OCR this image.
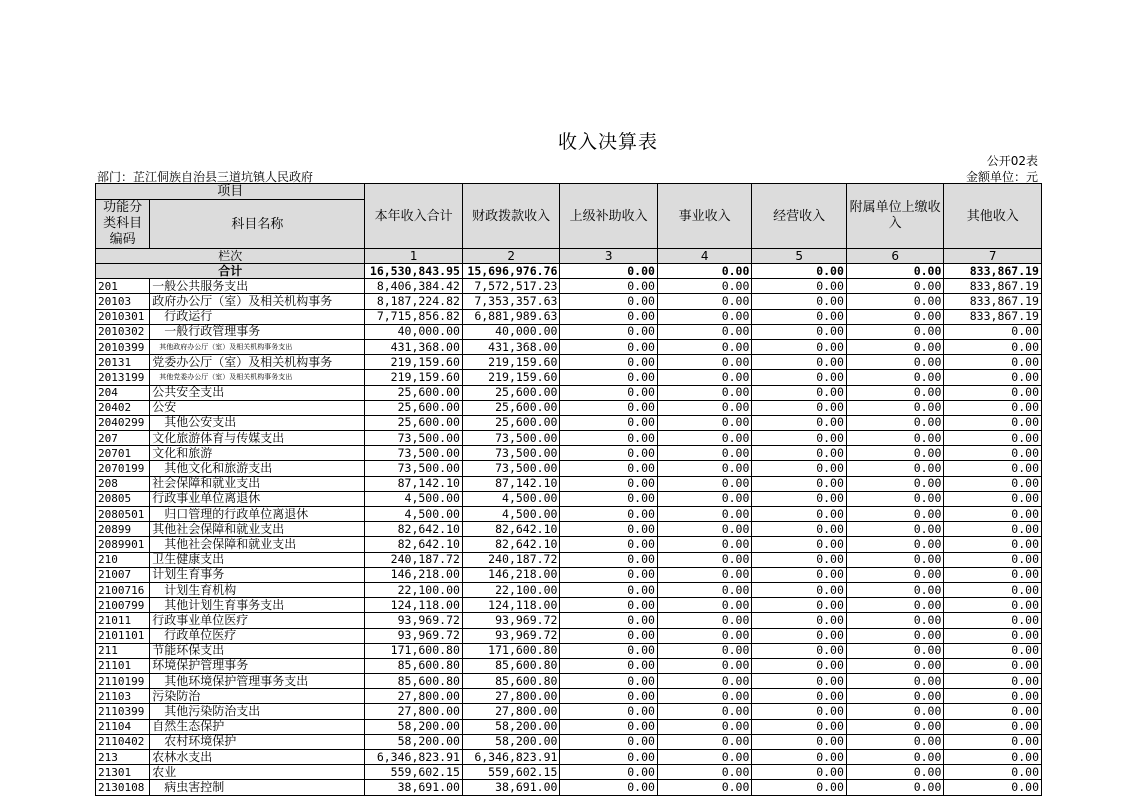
收入决算表
公开02表
部门：芷江侗族自治县三道坑镇人民政府	金额单位：元
项目		本年收入合计	财政拨款收入	上级补助收入	事业收入	经营收入	附属单位上缴收入	其他收入
功能分类科目编码	科目名称							
栏次		1	2	3	4	5	6	7
合计		16,530,843.95	15,696,976.76	0.00	0.00	0.00	0.00	833,867.19
201	一般公共服务支出	8,406,384.42	7,572,517.23	0.00	0.00	0.00	0.00	833,867.19
20103	政府办公厅（室）及相关机构事务	8,187,224.82	7,353,357.63	0.00	0.00	0.00	0.00	833,867.19
2010301	　行政运行	7,715,856.82	6,881,989.63	0.00	0.00	0.00	0.00	833,867.19
2010302	　一般行政管理事务	40,000.00	40,000.00	0.00	0.00	0.00	0.00	0.00
2010399	　其他政府办公厅（室）及相关机构事务支出	431,368.00	431,368.00	0.00	0.00	0.00	0.00	0.00
20131	党委办公厅（室）及相关机构事务	219,159.60	219,159.60	0.00	0.00	0.00	0.00	0.00
2013199	　其他党委办公厅（室）及相关机构事务支出	219,159.60	219,159.60	0.00	0.00	0.00	0.00	0.00
204	公共安全支出	25,600.00	25,600.00	0.00	0.00	0.00	0.00	0.00
20402	公安	25,600.00	25,600.00	0.00	0.00	0.00	0.00	0.00
2040299	　其他公安支出	25,600.00	25,600.00	0.00	0.00	0.00	0.00	0.00
207	文化旅游体育与传媒支出	73,500.00	73,500.00	0.00	0.00	0.00	0.00	0.00
20701	文化和旅游	73,500.00	73,500.00	0.00	0.00	0.00	0.00	0.00
2070199	　其他文化和旅游支出	73,500.00	73,500.00	0.00	0.00	0.00	0.00	0.00
208	社会保障和就业支出	87,142.10	87,142.10	0.00	0.00	0.00	0.00	0.00
20805	行政事业单位离退休	4,500.00	4,500.00	0.00	0.00	0.00	0.00	0.00
2080501	　归口管理的行政单位离退休	4,500.00	4,500.00	0.00	0.00	0.00	0.00	0.00
20899	其他社会保障和就业支出	82,642.10	82,642.10	0.00	0.00	0.00	0.00	0.00
2089901	　其他社会保障和就业支出	82,642.10	82,642.10	0.00	0.00	0.00	0.00	0.00
210	卫生健康支出	240,187.72	240,187.72	0.00	0.00	0.00	0.00	0.00
21007	计划生育事务	146,218.00	146,218.00	0.00	0.00	0.00	0.00	0.00
2100716	　计划生育机构	22,100.00	22,100.00	0.00	0.00	0.00	0.00	0.00
2100799	　其他计划生育事务支出	124,118.00	124,118.00	0.00	0.00	0.00	0.00	0.00
21011	行政事业单位医疗	93,969.72	93,969.72	0.00	0.00	0.00	0.00	0.00
2101101	　行政单位医疗	93,969.72	93,969.72	0.00	0.00	0.00	0.00	0.00
211	节能环保支出	171,600.80	171,600.80	0.00	0.00	0.00	0.00	0.00
21101	环境保护管理事务	85,600.80	85,600.80	0.00	0.00	0.00	0.00	0.00
2110199	　其他环境保护管理事务支出	85,600.80	85,600.80	0.00	0.00	0.00	0.00	0.00
21103	污染防治	27,800.00	27,800.00	0.00	0.00	0.00	0.00	0.00
2110399	　其他污染防治支出	27,800.00	27,800.00	0.00	0.00	0.00	0.00	0.00
21104	自然生态保护	58,200.00	58,200.00	0.00	0.00	0.00	0.00	0.00
2110402	　农村环境保护	58,200.00	58,200.00	0.00	0.00	0.00	0.00	0.00
213	农林水支出	6,346,823.91	6,346,823.91	0.00	0.00	0.00	0.00	0.00
21301	农业	559,602.15	559,602.15	0.00	0.00	0.00	0.00	0.00
2130108	　病虫害控制	38,691.00	38,691.00	0.00	0.00	0.00	0.00	0.00
